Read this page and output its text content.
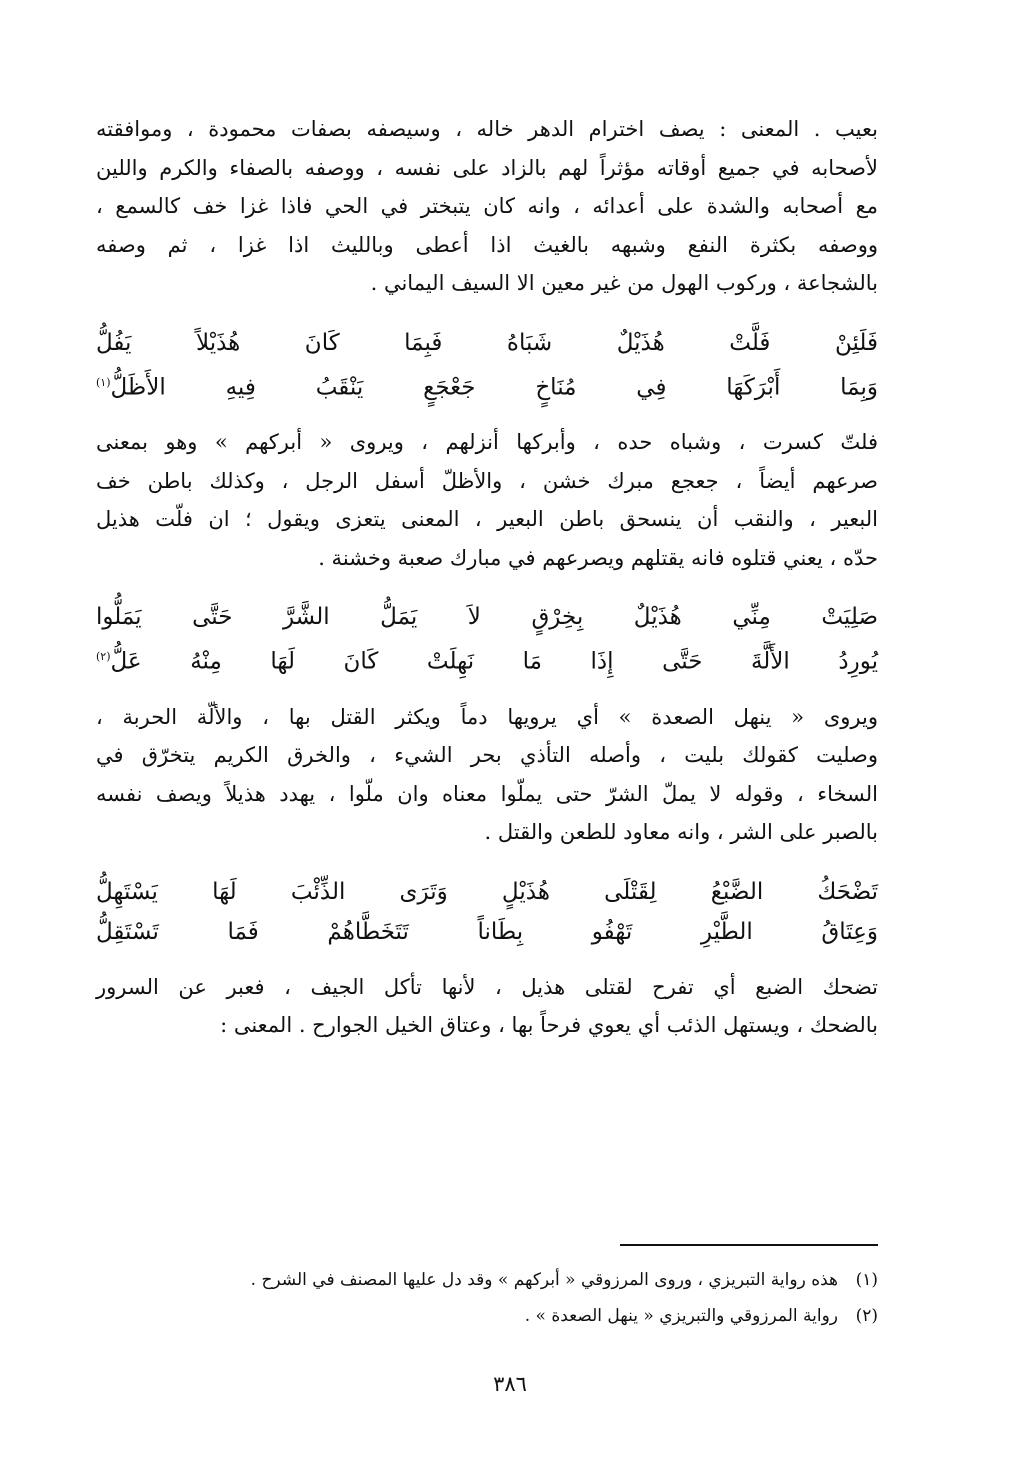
بعيب . المعنى : يصف اخترام الدهر خاله ، وسيصفه بصفات محمودة ، وموافقته
لأصحابه في جميع أوقاته مؤثراً لهم بالزاد على نفسه ، ووصفه بالصفاء والكرم واللين
مع أصحابه والشدة على أعدائه ، وانه كان يتبختر في الحي فاذا غزا خف كالسمع ،
ووصفه بكثرة النفع وشبهه بالغيث اذا أعطى وبالليث اذا غزا ، ثم وصفه
بالشجاعة ، وركوب الهول من غير معين الا السيف اليماني .

فَلَئِنْ فَلَّتْ هُذَيْلٌ شَبَاهُ فَبِمَا كَانَ هُذَيْلاً يَفُلُّ
وَبِمَا أَبْرَكَهَا فِي مُنَاخٍ جَعْجَعٍ يَنْقَبُ فِيهِ الأَظَلُّ$^{(١)}$

فلتّ كسرت ، وشباه حده ، وأبركها أنزلهم ، ويروى « أبركهم » وهو بمعنى
صرعهم أيضاً ، جعجع مبرك خشن ، والأظلّ أسفل الرجل ، وكذلك باطن خف
البعير ، والنقب أن ينسحق باطن البعير ، المعنى يتعزى ويقول ؛ ان فلّت هذيل
حدّه ، يعني قتلوه فانه يقتلهم ويصرعهم في مبارك صعبة وخشنة .

صَلِيَتْ مِنِّي هُذَيْلٌ بِخِرْقٍ لاَ يَمَلُّ الشَّرَّ حَتَّى يَمَلُّوا
يُورِدُ الأَلَّةَ حَتَّى إِذَا مَا نَهِلَتْ كَانَ لَهَا مِنْهُ عَلُّ$^{(٢)}$

ويروى « ينهل الصعدة » أي يرويها دماً ويكثر القتل بها ، والألّة الحربة ،
وصليت كقولك بليت ، وأصله التأذي بحر الشيء ، والخرق الكريم يتخرّق في
السخاء ، وقوله لا يملّ الشرّ حتى يملّوا معناه وان ملّوا ، يهدد هذيلاً ويصف نفسه
بالصبر على الشر ، وانه معاود للطعن والقتل .

تَضْحَكُ الضَّبْعُ لِقَتْلَى هُذَيْلٍ وَتَرَى الذِّئْبَ لَهَا يَسْتَهِلُّ
وَعِتَاقُ الطَّيْرِ تَهْفُو بِطَاناً تَتَخَطَّاهُمْ فَمَا تَسْتَقِلُّ

تضحك الضبع أي تفرح لقتلى هذيل ، لأنها تأكل الجيف ، فعبر عن السرور
بالضحك ، ويستهل الذئب أي يعوي فرحاً بها ، وعتاق الخيل الجوارح . المعنى :

(١)هذه رواية التبريزي ، وروى المرزوقي « أبركهم » وقد دل عليها المصنف في الشرح .
(٢)رواية المرزوقي والتبريزي « ينهل الصعدة » .
٣٨٦
